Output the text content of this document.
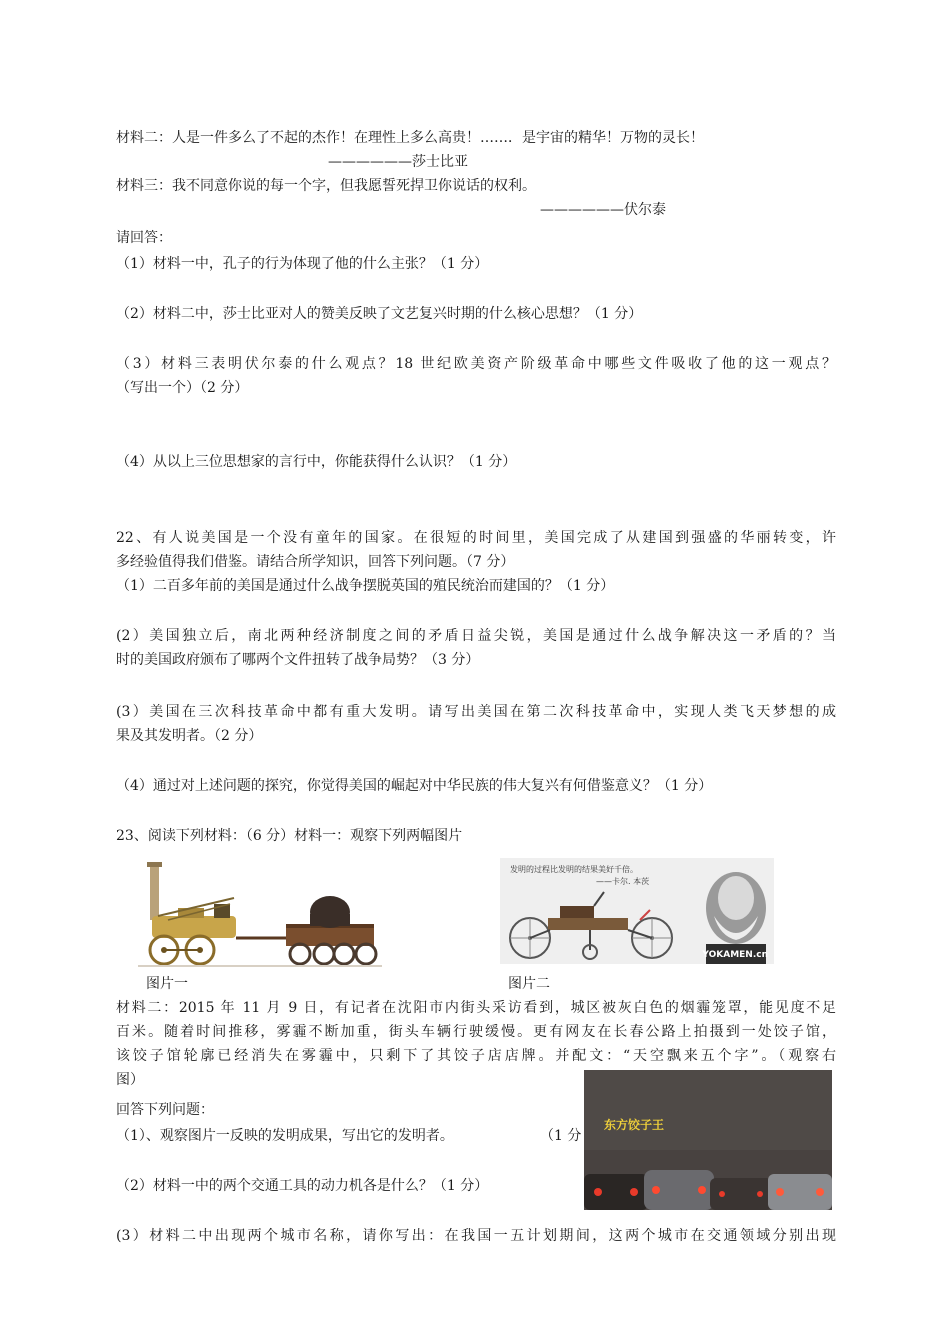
材料二：人是一件多么了不起的杰作！在理性上多么高贵！……．是宇宙的精华！万物的灵长！
——————莎士比亚
材料三：我不同意你说的每一个字，但我愿誓死捍卫你说话的权利。
——————伏尔泰
请回答：
（1）材料一中，孔子的行为体现了他的什么主张？（1 分）
（2）材料二中，莎士比亚对人的赞美反映了文艺复兴时期的什么核心思想？（1 分）
（3）材料三表明伏尔泰的什么观点？18 世纪欧美资产阶级革命中哪些文件吸收了他的这一观点？
（写出一个）（2 分）
（4）从以上三位思想家的言行中，你能获得什么认识？（1 分）
22、有人说美国是一个没有童年的国家。在很短的时间里，美国完成了从建国到强盛的华丽转变，许
多经验值得我们借鉴。请结合所学知识，回答下列问题。（7 分）
（1）二百多年前的美国是通过什么战争摆脱英国的殖民统治而建国的？（1 分）
(2）美国独立后，南北两种经济制度之间的矛盾日益尖锐，美国是通过什么战争解决这一矛盾的？当
时的美国政府颁布了哪两个文件扭转了战争局势？（3 分）
(3）美国在三次科技革命中都有重大发明。请写出美国在第二次科技革命中，实现人类飞天梦想的成
果及其发明者。（2 分）
（4）通过对上述问题的探究，你觉得美国的崛起对中华民族的伟大复兴有何借鉴意义？（1 分）
23、阅读下列材料：（6 分）材料一：观察下列两幅图片
发明的过程比发明的结果美好千倍。
——卡尔. 本茨
YOKAMEN.cn
图片一	图片二
材料二：2015 年 11 月 9 日，有记者在沈阳市内街头采访看到，城区被灰白色的烟霾笼罩，能见度不足
百米。随着时间推移，雾霾不断加重，街头车辆行驶缓慢。更有网友在长春公路上拍摄到一处饺子馆，
该饺子馆轮廓已经消失在雾霾中，只剩下了其饺子店店牌。并配文：“天空飘来五个字”。（观察右
图）
东方饺子王
回答下列问题：
（1）、观察图片一反映的发明成果，写出它的发明者。	（1 分
（2）材料一中的两个交通工具的动力机各是什么？（1 分）
(3）材料二中出现两个城市名称，请你写出：在我国一五计划期间，这两个城市在交通领域分别出现
